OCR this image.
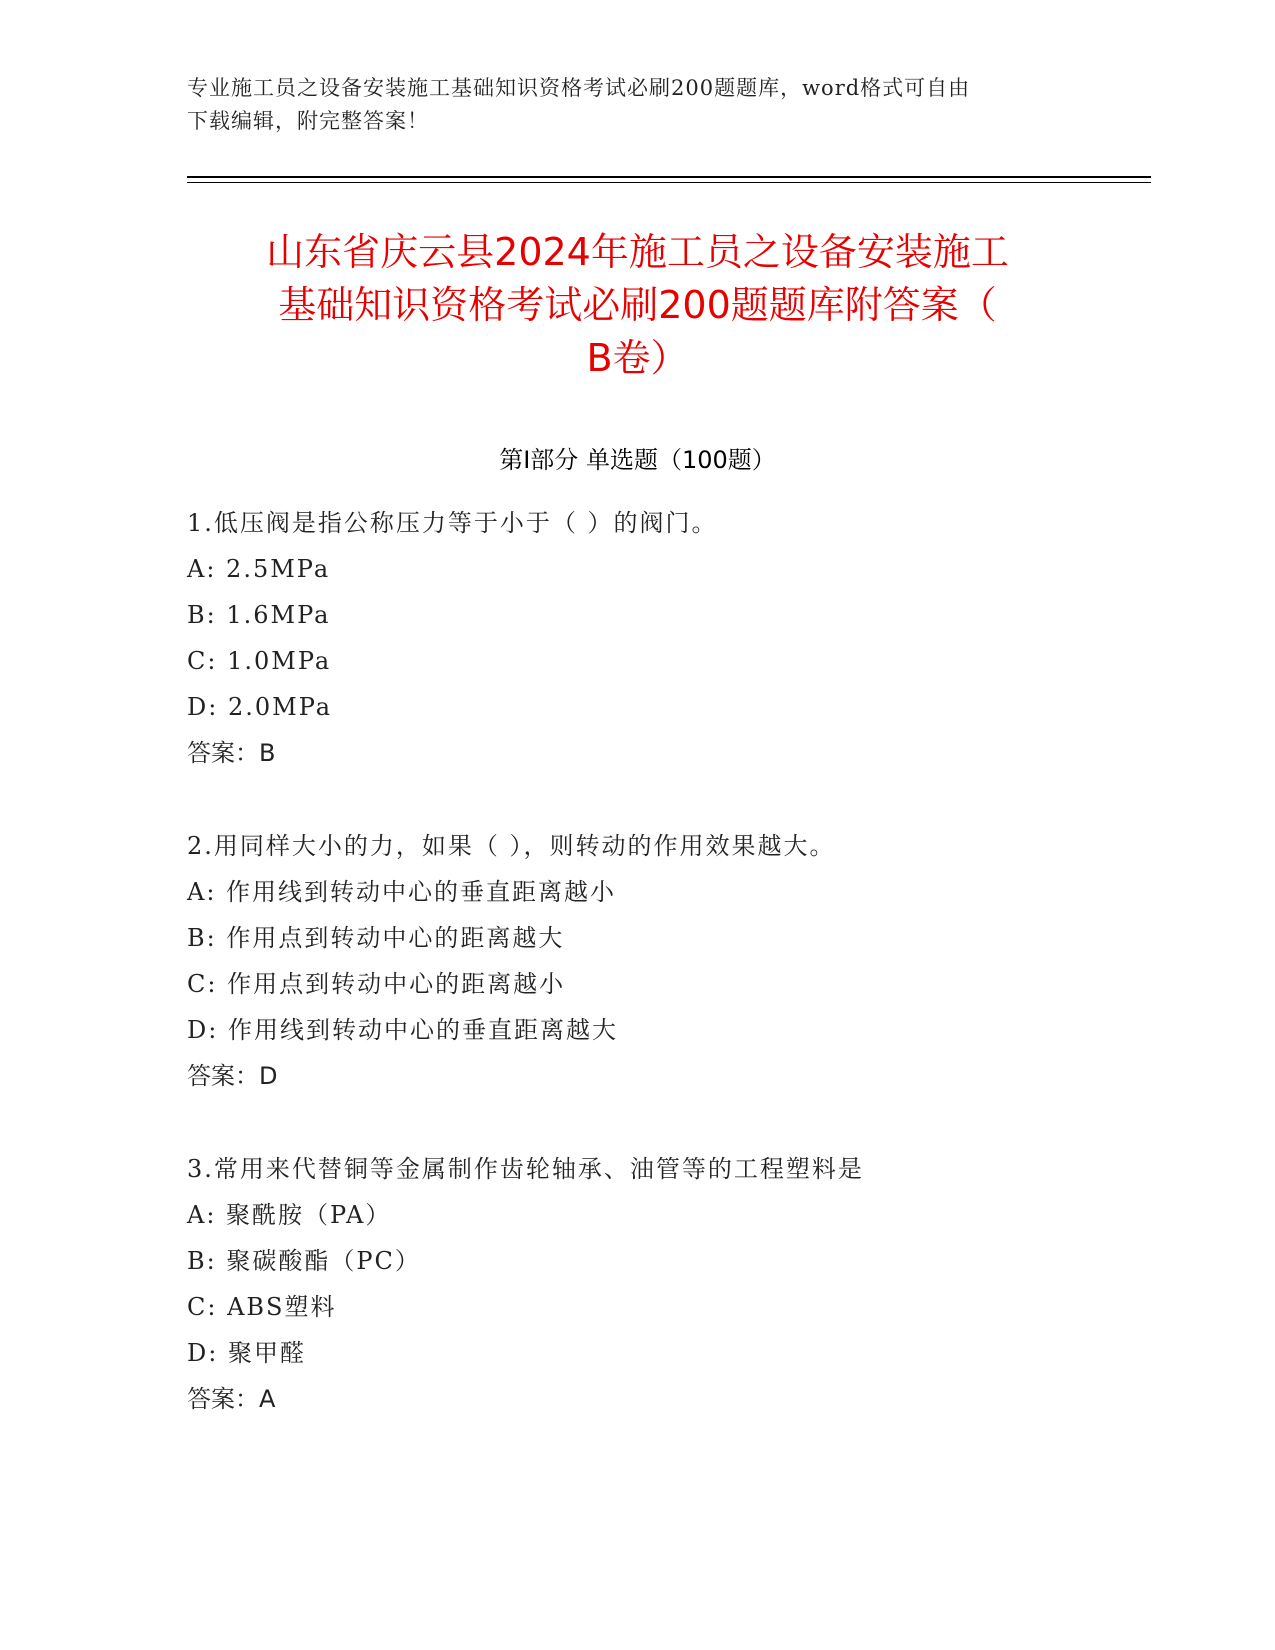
专业施工员之设备安装施工基础知识资格考试必刷200题题库，word格式可自由
下载编辑，附完整答案！
山东省庆云县2024年施工员之设备安装施工
基础知识资格考试必刷200题题库附答案（
B卷）
第Ⅰ部分 单选题（100题）
1.低压阀是指公称压力等于小于（ ）的阀门。
A: 2.5MPa
B: 1.6MPa
C: 1.0MPa
D: 2.0MPa
答案：B
2.用同样大小的力，如果（ ），则转动的作用效果越大。
A: 作用线到转动中心的垂直距离越小
B: 作用点到转动中心的距离越大
C: 作用点到转动中心的距离越小
D: 作用线到转动中心的垂直距离越大
答案：D
3.常用来代替铜等金属制作齿轮轴承、油管等的工程塑料是
A: 聚酰胺（PA）
B: 聚碳酸酯（PC）
C: ABS塑料
D: 聚甲醛
答案：A
